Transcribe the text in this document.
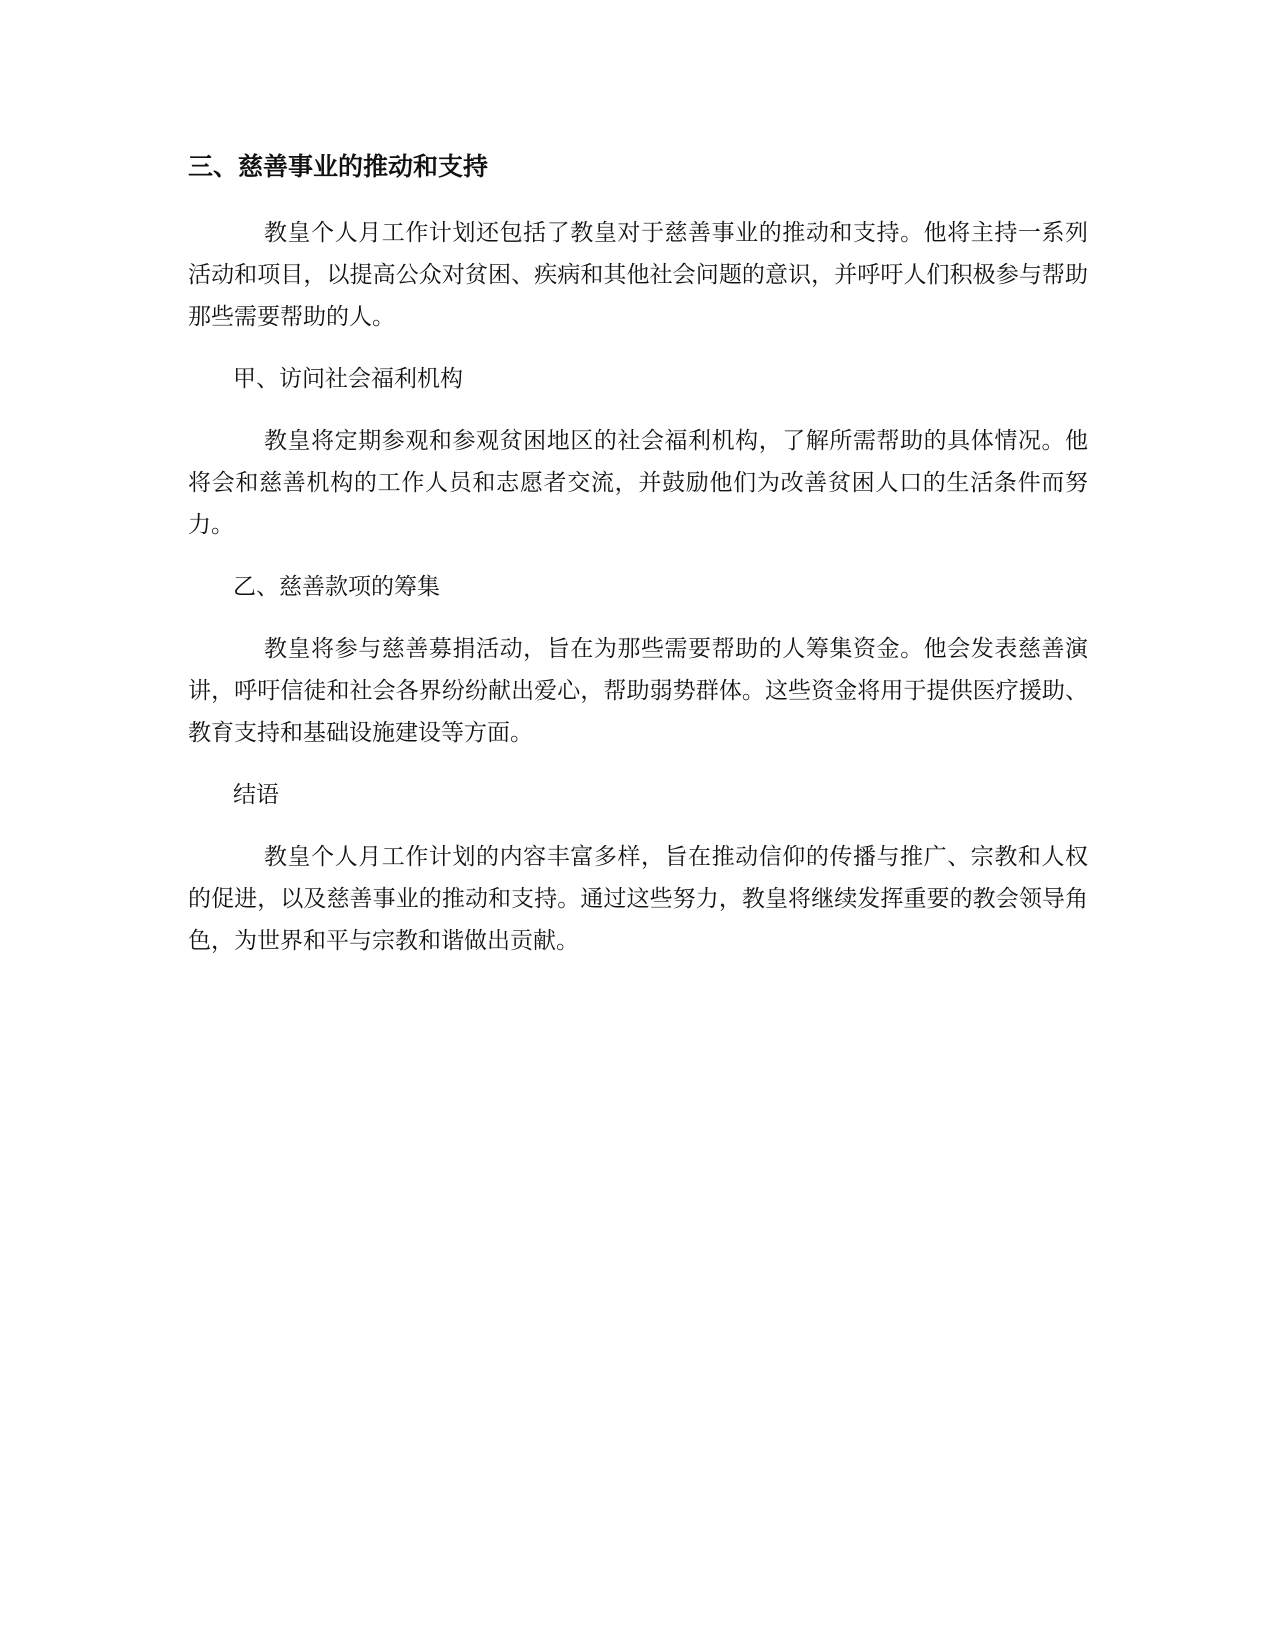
三、慈善事业的推动和支持

教皇个人月工作计划还包括了教皇对于慈善事业的推动和支持。他将主持一系列活动和项目，以提高公众对贫困、疾病和其他社会问题的意识，并呼吁人们积极参与帮助那些需要帮助的人。

甲、访问社会福利机构

教皇将定期参观和参观贫困地区的社会福利机构，了解所需帮助的具体情况。他将会和慈善机构的工作人员和志愿者交流，并鼓励他们为改善贫困人口的生活条件而努力。

乙、慈善款项的筹集

教皇将参与慈善募捐活动，旨在为那些需要帮助的人筹集资金。他会发表慈善演讲，呼吁信徒和社会各界纷纷献出爱心，帮助弱势群体。这些资金将用于提供医疗援助、教育支持和基础设施建设等方面。

结语

教皇个人月工作计划的内容丰富多样，旨在推动信仰的传播与推广、宗教和人权的促进，以及慈善事业的推动和支持。通过这些努力，教皇将继续发挥重要的教会领导角色，为世界和平与宗教和谐做出贡献。
